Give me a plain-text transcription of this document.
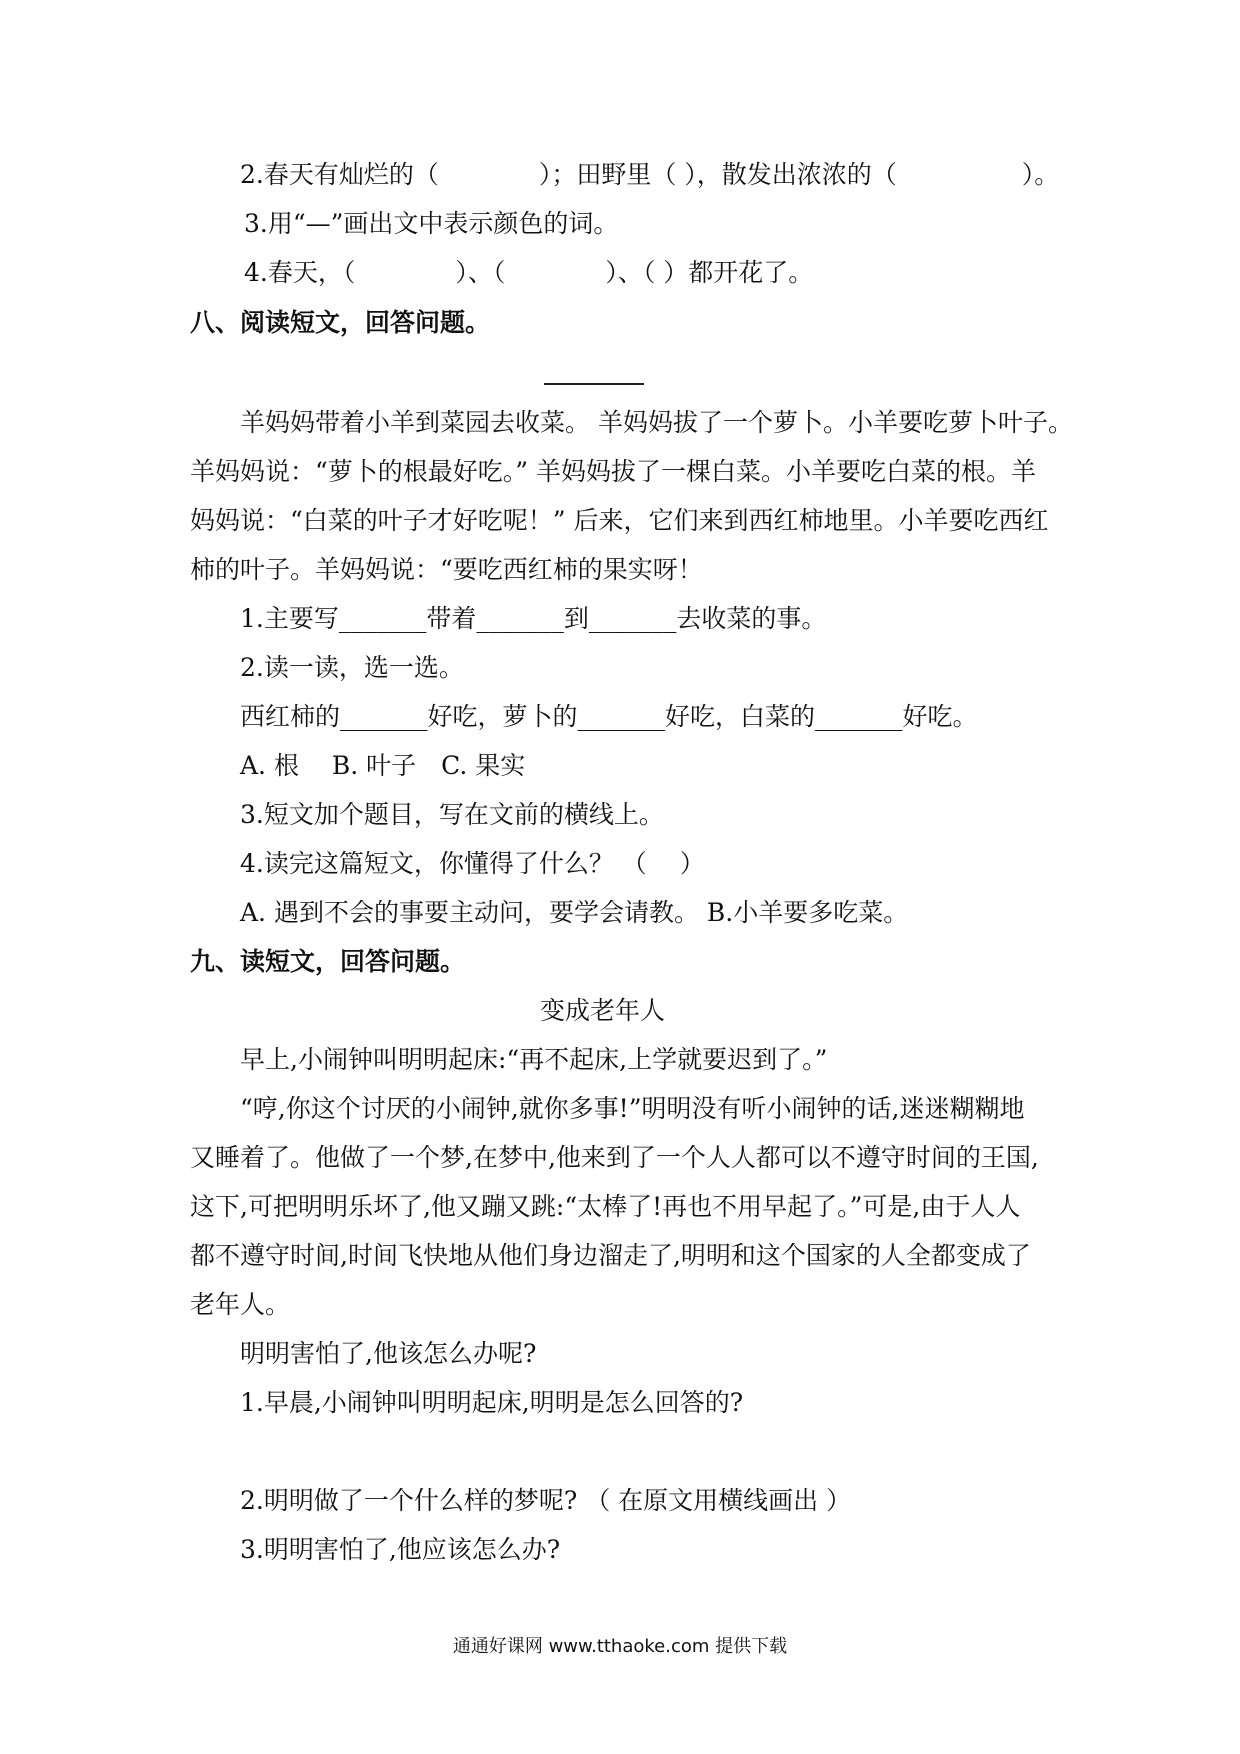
2.春天有灿烂的（　　　　）；田野里（ ），散发出浓浓的（　　　　　）。
3.用“—”画出文中表示颜色的词。
4.春天，（　　　　）、（　　　　）、（ ）都开花了。
八、阅读短文，回答问题。
羊妈妈带着小羊到菜园去收菜。 羊妈妈拔了一个萝卜。小羊要吃萝卜叶子。
羊妈妈说：“萝卜的根最好吃。” 羊妈妈拔了一棵白菜。小羊要吃白菜的根。羊
妈妈说：“白菜的叶子才好吃呢！” 后来，它们来到西红柿地里。小羊要吃西红
柿的叶子。羊妈妈说：“要吃西红柿的果实呀！
1.主要写_______带着_______到_______去收菜的事。
2.读一读，选一选。
西红柿的_______好吃，萝卜的_______好吃，白菜的_______好吃。
A. 根　 B. 叶子　C. 果实
3.短文加个题目，写在文前的横线上。
4.读完这篇短文，你懂得了什么？ （　 ）
A. 遇到不会的事要主动问，要学会请教。 B.小羊要多吃菜。
九、读短文，回答问题。
变成老年人
早上,小闹钟叫明明起床:“再不起床,上学就要迟到了。”
“哼,你这个讨厌的小闹钟,就你多事!”明明没有听小闹钟的话,迷迷糊糊地
又睡着了。他做了一个梦,在梦中,他来到了一个人人都可以不遵守时间的王国,
这下,可把明明乐坏了,他又蹦又跳:“太棒了!再也不用早起了。”可是,由于人人
都不遵守时间,时间飞快地从他们身边溜走了,明明和这个国家的人全都变成了
老年人。
明明害怕了,他该怎么办呢?
1.早晨,小闹钟叫明明起床,明明是怎么回答的?
2.明明做了一个什么样的梦呢? （ 在原文用横线画出 ）
3.明明害怕了,他应该怎么办?
通通好课网 www.tthaoke.com 提供下载
